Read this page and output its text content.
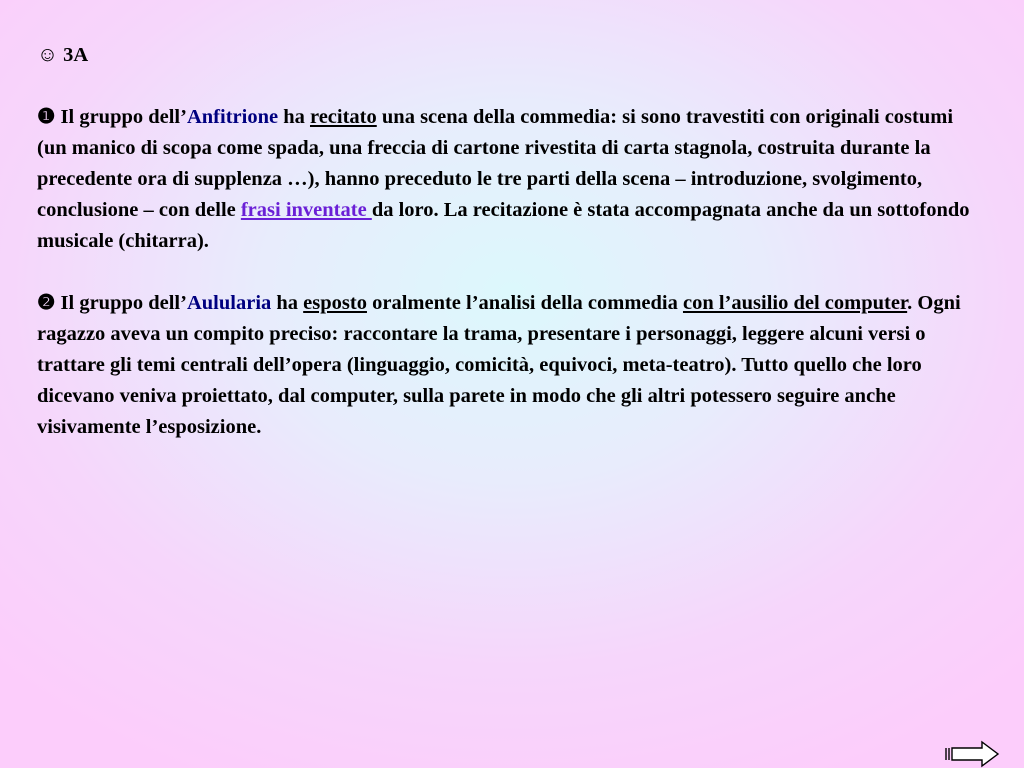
☺ 3A
❶ Il gruppo dell’Anfitrione ha recitato una scena della commedia: si sono travestiti con originali costumi (un manico di scopa come spada, una freccia di cartone rivestita di carta stagnola, costruita durante la precedente ora di supplenza …), hanno preceduto le tre parti della scena – introduzione, svolgimento, conclusione – con delle frasi inventate da loro. La recitazione è stata accompagnata anche da un sottofondo musicale (chitarra).
❷ Il gruppo dell’Aulularia ha esposto oralmente l’analisi della commedia con l’ausilio del computer. Ogni ragazzo aveva un compito preciso: raccontare la trama, presentare i personaggi, leggere alcuni versi o trattare gli temi centrali dell’opera (linguaggio, comicità, equivoci, meta-teatro). Tutto quello che loro dicevano veniva proiettato, dal computer, sulla parete in modo che gli altri potessero seguire anche visivamente l’esposizione.
